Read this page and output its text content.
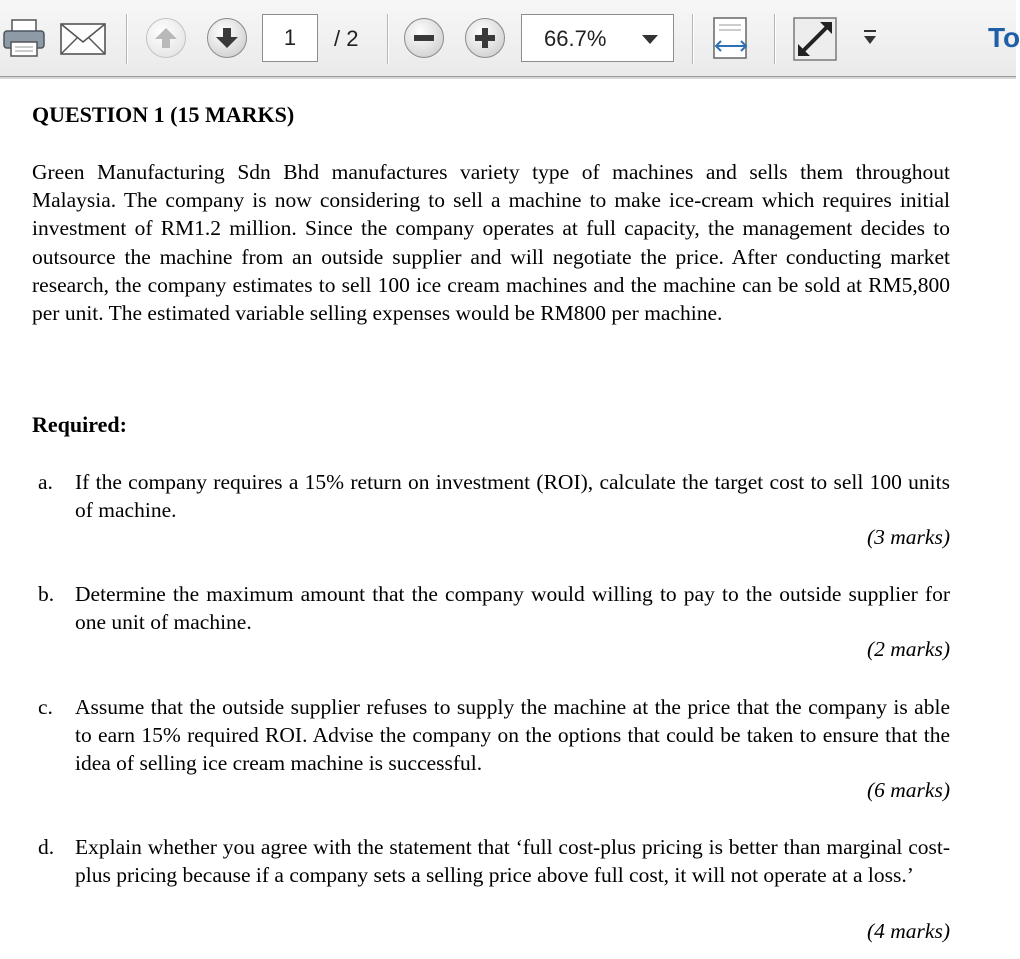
1	/ 2	66.7%	To
QUESTION 1 (15 MARKS)
Green Manufacturing Sdn Bhd manufactures variety type of machines and sells them throughout Malaysia. The company is now considering to sell a machine to make ice-cream which requires initial investment of RM1.2 million. Since the company operates at full capacity, the management decides to outsource the machine from an outside supplier and will negotiate the price. After conducting market research, the company estimates to sell 100 ice cream machines and the machine can be sold at RM5,800 per unit. The estimated variable selling expenses would be RM800 per machine.
Required:
a. If the company requires a 15% return on investment (ROI), calculate the target cost to sell 100 units of machine.
(3 marks)
b. Determine the maximum amount that the company would willing to pay to the outside supplier for one unit of machine.
(2 marks)
c. Assume that the outside supplier refuses to supply the machine at the price that the company is able to earn 15% required ROI. Advise the company on the options that could be taken to ensure that the idea of selling ice cream machine is successful.
(6 marks)
d. Explain whether you agree with the statement that ‘full cost-plus pricing is better than marginal cost-plus pricing because if a company sets a selling price above full cost, it will not operate at a loss.’
(4 marks)
